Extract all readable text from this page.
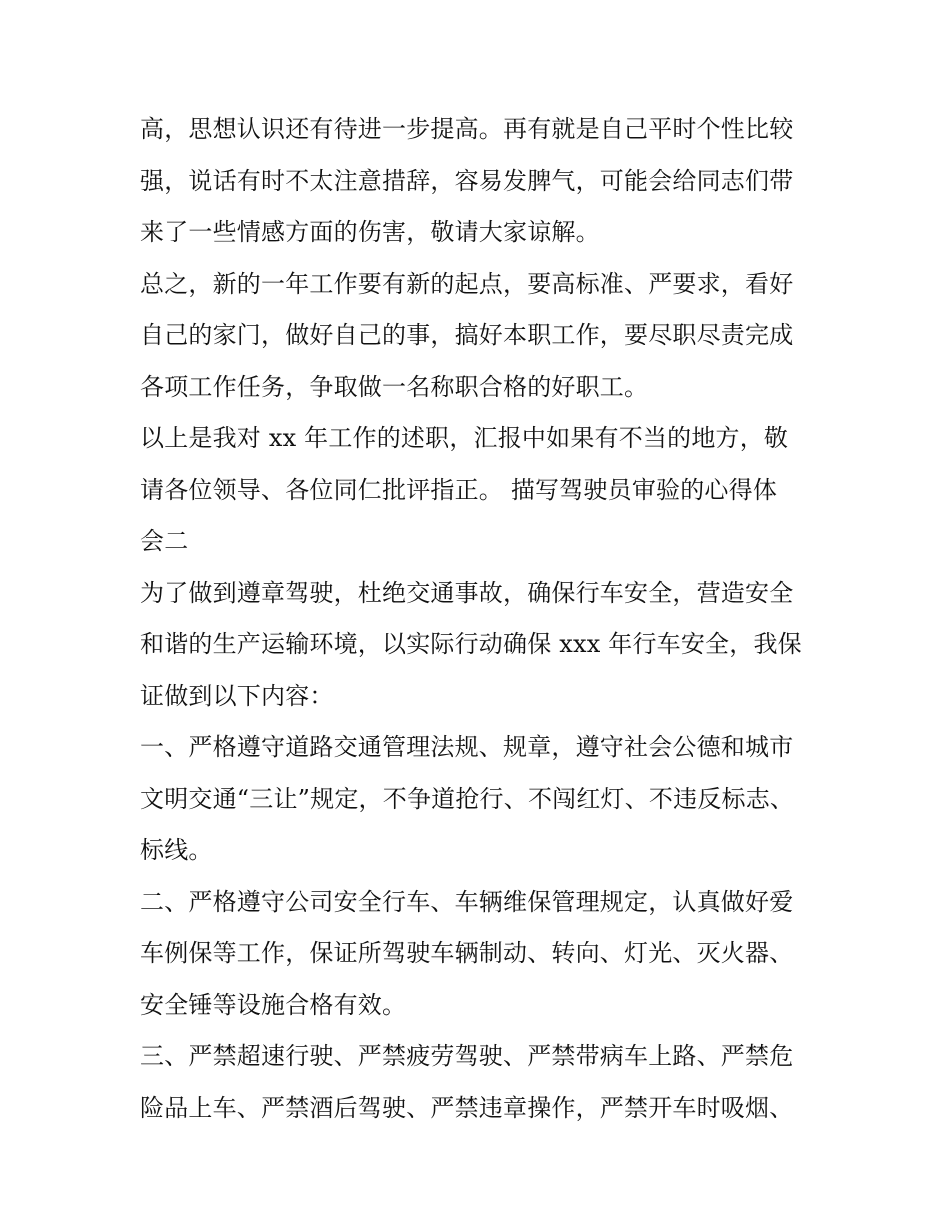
高，思想认识还有待进一步提高。再有就是自己平时个性比较
强，说话有时不太注意措辞，容易发脾气，可能会给同志们带
来了一些情感方面的伤害，敬请大家谅解。

总之，新的一年工作要有新的起点，要高标准、严要求，看好
自己的家门，做好自己的事，搞好本职工作，要尽职尽责完成
各项工作任务，争取做一名称职合格的好职工。

以上是我对 xx 年工作的述职，汇报中如果有不当的地方，敬
请各位领导、各位同仁批评指正。 描写驾驶员审验的心得体
会二

为了做到遵章驾驶，杜绝交通事故，确保行车安全，营造安全
和谐的生产运输环境，以实际行动确保 xxx 年行车安全，我保
证做到以下内容：

一、严格遵守道路交通管理法规、规章，遵守社会公德和城市
文明交通“三让”规定，不争道抢行、不闯红灯、不违反标志、
标线。

二、严格遵守公司安全行车、车辆维保管理规定，认真做好爱
车例保等工作，保证所驾驶车辆制动、转向、灯光、灭火器、
安全锤等设施合格有效。

三、严禁超速行驶、严禁疲劳驾驶、严禁带病车上路、严禁危
险品上车、严禁酒后驾驶、严禁违章操作，严禁开车时吸烟、
